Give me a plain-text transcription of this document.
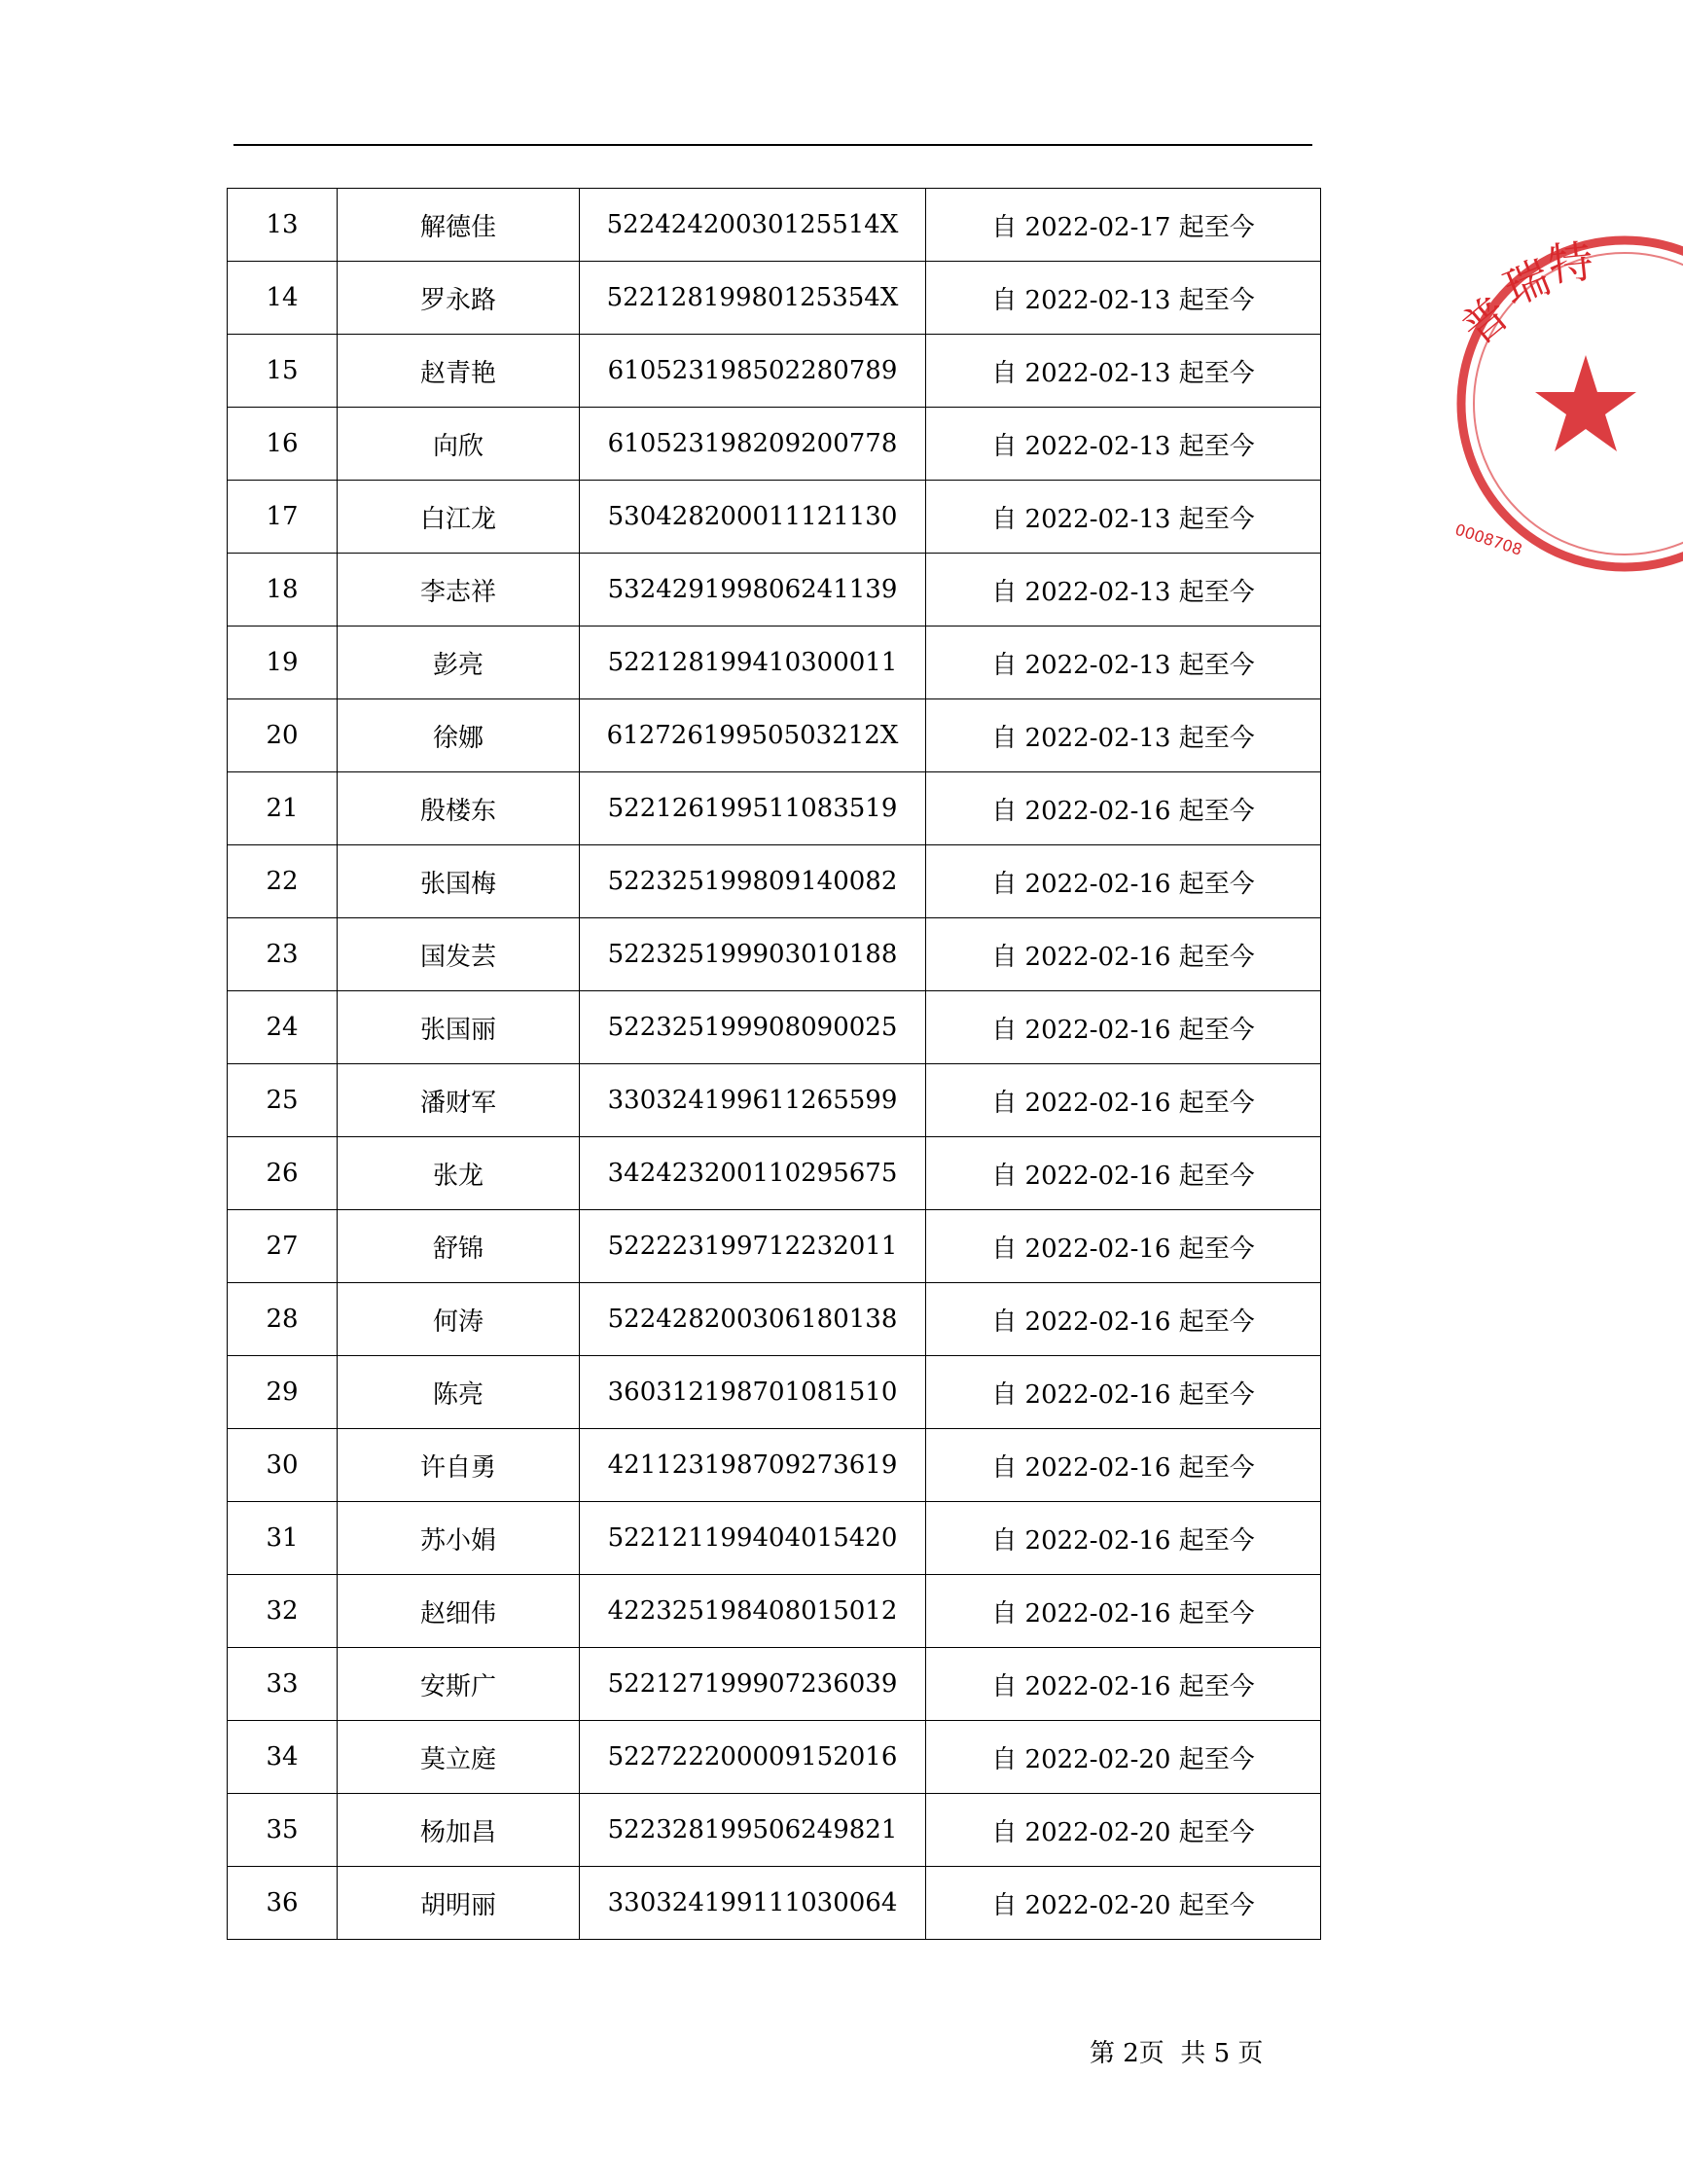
13	解德佳	52242420030125514X	自 2022-02-17 起至今
14	罗永路	52212819980125354X	自 2022-02-13 起至今
15	赵青艳	610523198502280789	自 2022-02-13 起至今
16	向欣	610523198209200778	自 2022-02-13 起至今
17	白江龙	530428200011121130	自 2022-02-13 起至今
18	李志祥	532429199806241139	自 2022-02-13 起至今
19	彭亮	522128199410300011	自 2022-02-13 起至今
20	徐娜	61272619950503212X	自 2022-02-13 起至今
21	殷楼东	522126199511083519	自 2022-02-16 起至今
22	张国梅	522325199809140082	自 2022-02-16 起至今
23	国发芸	522325199903010188	自 2022-02-16 起至今
24	张国丽	522325199908090025	自 2022-02-16 起至今
25	潘财军	330324199611265599	自 2022-02-16 起至今
26	张龙	342423200110295675	自 2022-02-16 起至今
27	舒锦	522223199712232011	自 2022-02-16 起至今
28	何涛	522428200306180138	自 2022-02-16 起至今
29	陈亮	360312198701081510	自 2022-02-16 起至今
30	许自勇	421123198709273619	自 2022-02-16 起至今
31	苏小娟	522121199404015420	自 2022-02-16 起至今
32	赵细伟	422325198408015012	自 2022-02-16 起至今
33	安斯广	522127199907236039	自 2022-02-16 起至今
34	莫立庭	522722200009152016	自 2022-02-20 起至今
35	杨加昌	522328199506249821	自 2022-02-20 起至今
36	胡明丽	330324199111030064	自 2022-02-20 起至今
第 2页  共 5 页
普
瑞
特
0008708
